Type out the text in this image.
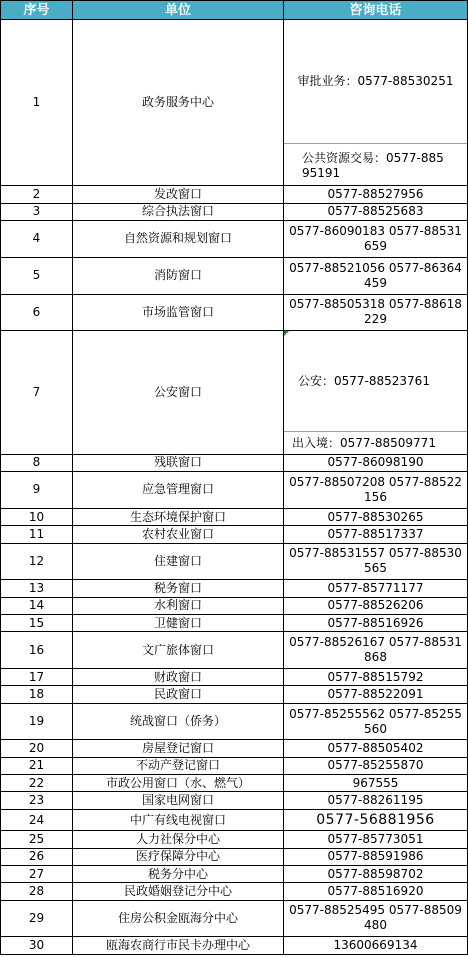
序号	单位	咨询电话
1	政务服务中心	审批业务：0577-88530251
公共资源交易：0577-88595191

2	发改窗口	0577-88527956
3	综合执法窗口	0577-88525683
4	自然资源和规划窗口	0577-86090183 0577-88531659
5	消防窗口	0577-88521056 0577-86364459
6	市场监管窗口	0577-88505318 0577-88618229
7	公安窗口	公安：0577-88523761
出入境：0577-88509771

8	残联窗口	0577-86098190
9	应急管理窗口	0577-88507208 0577-88522156
10	生态环境保护窗口	0577-88530265
11	农村农业窗口	0577-88517337
12	住建窗口	0577-88531557 0577-88530565
13	税务窗口	0577-85771177
14	水利窗口	0577-88526206
15	卫健窗口	0577-88516926
16	文广旅体窗口	0577-88526167 0577-88531868
17	财政窗口	0577-88515792
18	民政窗口	0577-88522091
19	统战窗口（侨务）	0577-85255562 0577-85255560
20	房屋登记窗口	0577-88505402
21	不动产登记窗口	0577-85255870
22	市政公用窗口（水、燃气）	967555
23	国家电网窗口	0577-88261195
24	中广有线电视窗口	0577-56881956
25	人力社保分中心	0577-85773051
26	医疗保障分中心	0577-88591986
27	税务分中心	0577-88598702
28	民政婚姻登记分中心	0577-88516920
29	住房公积金瓯海分中心	0577-88525495 0577-88509480
30	瓯海农商行市民卡办理中心	13600669134
